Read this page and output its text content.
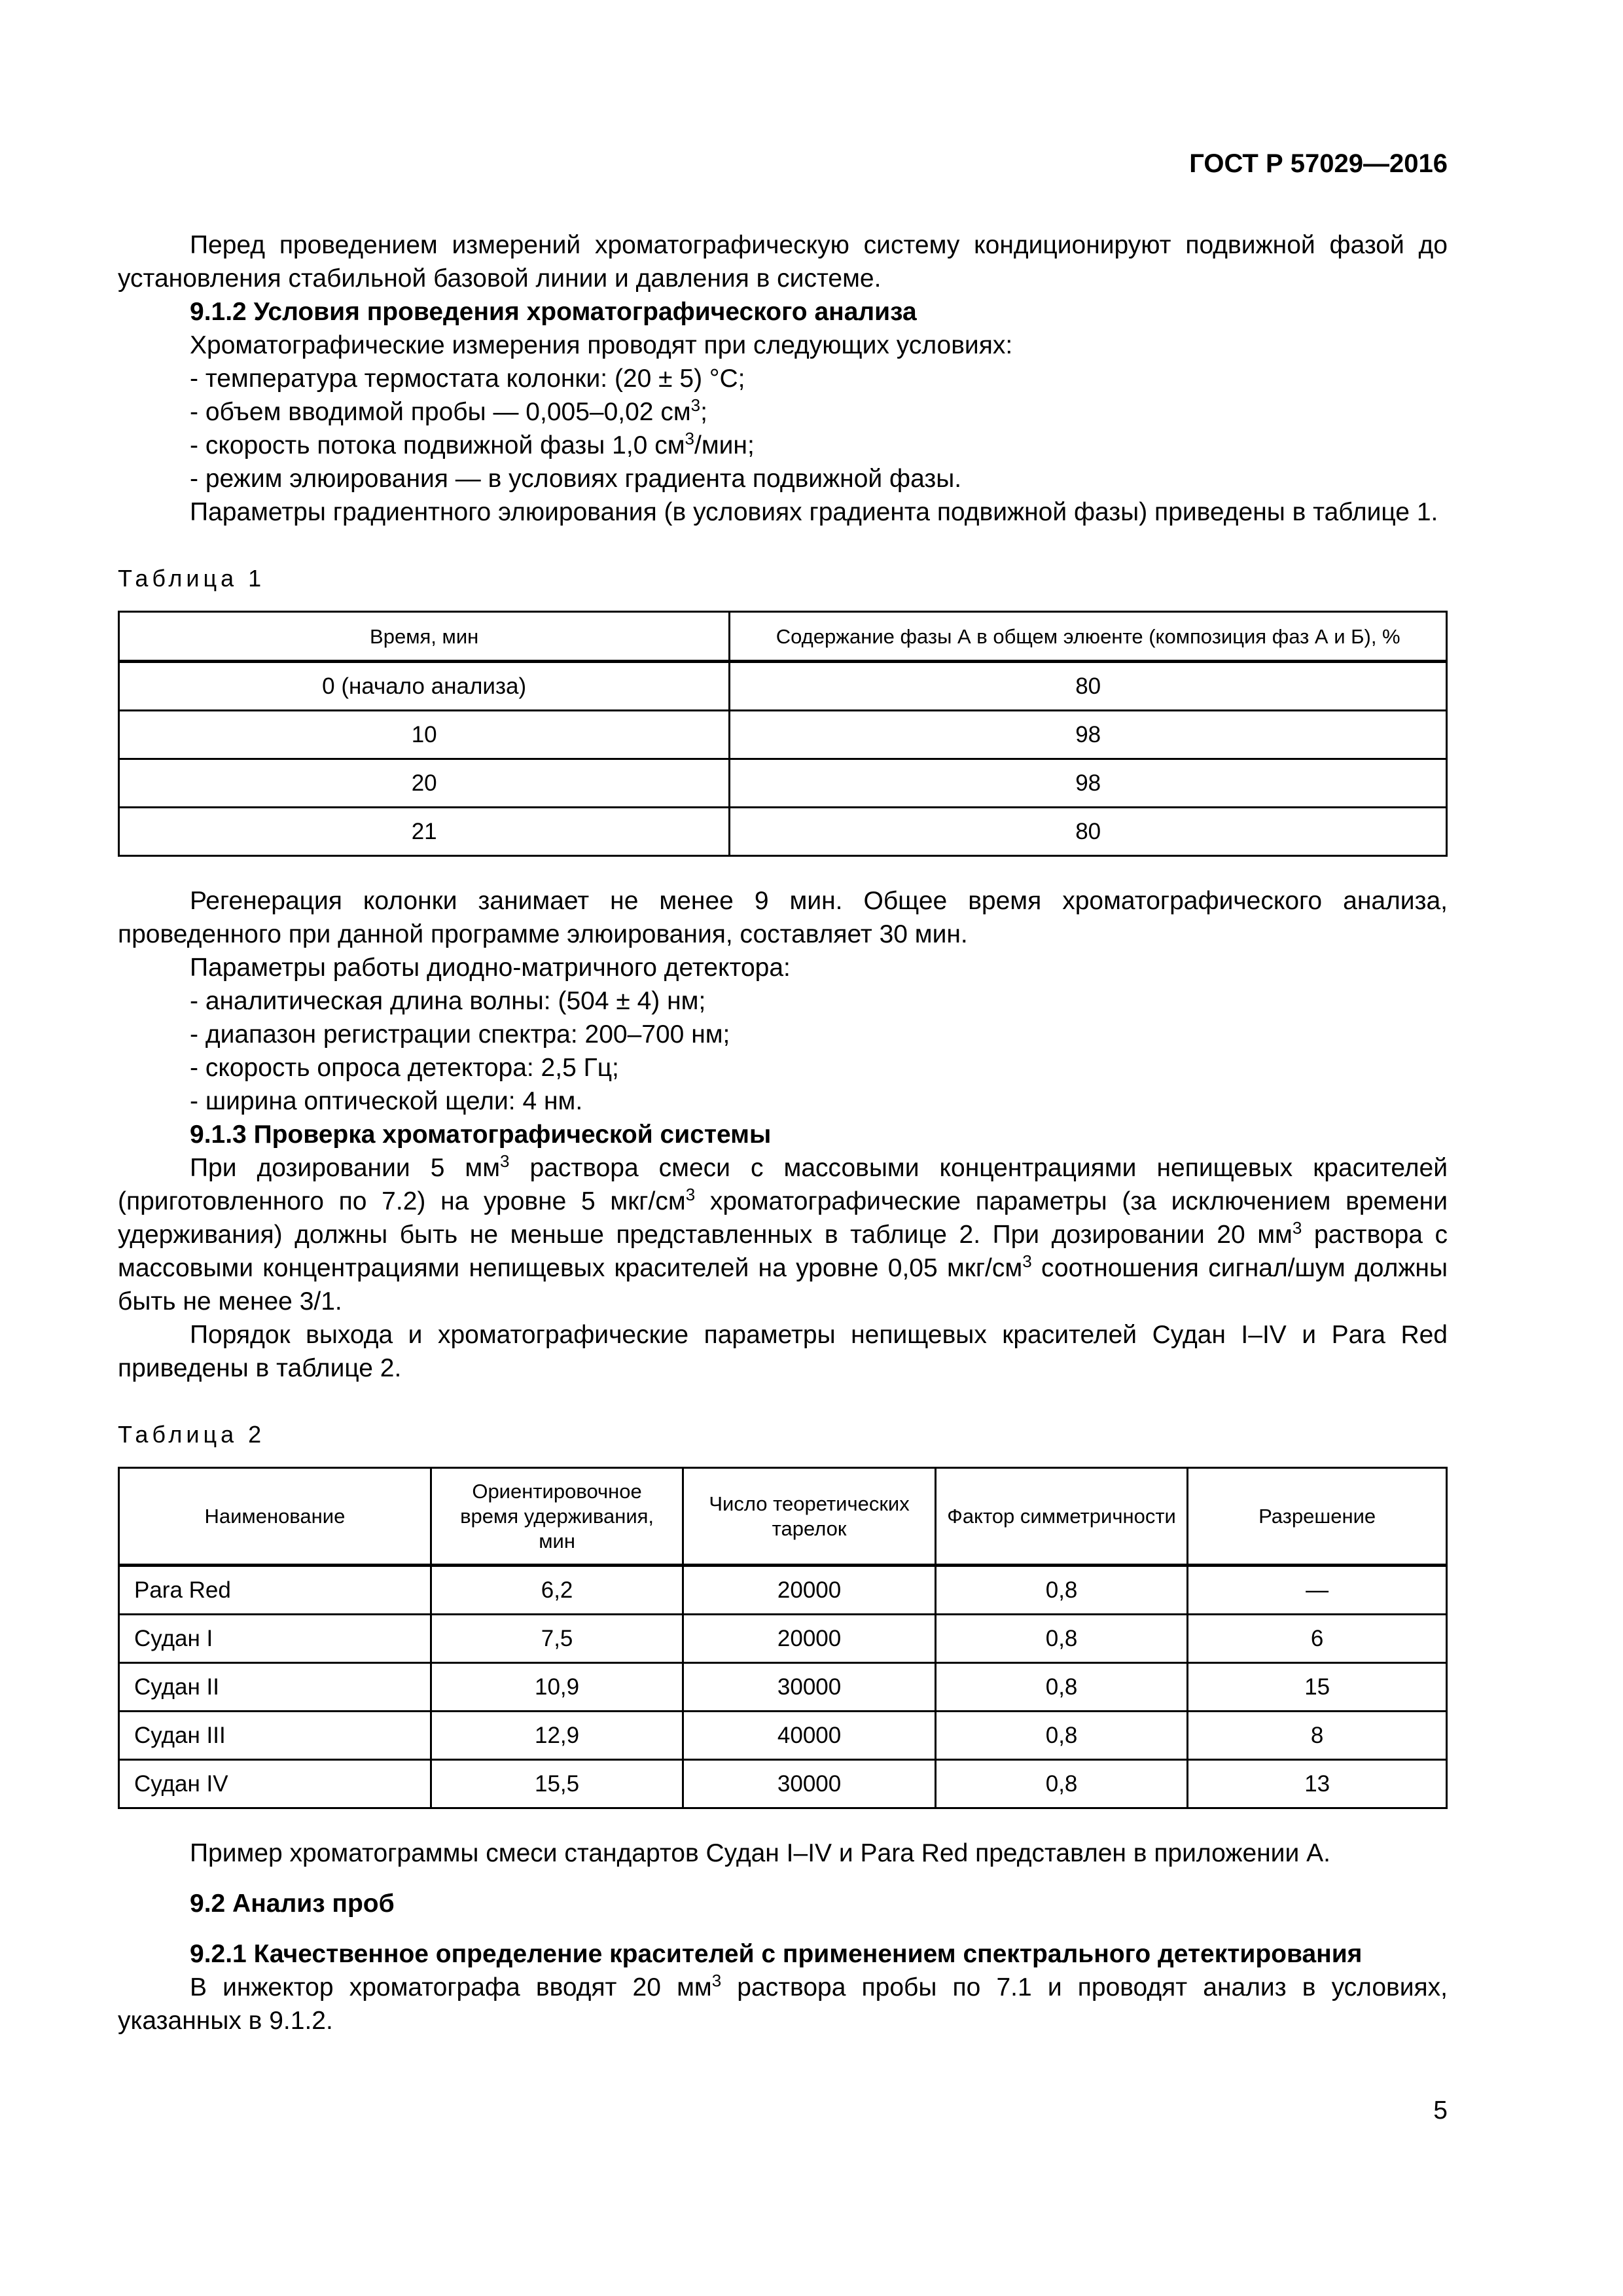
ГОСТ Р 57029—2016

Перед проведением измерений хроматографическую систему кондиционируют подвижной фазой до установления стабильной базовой линии и давления в системе.

9.1.2 Условия проведения хроматографического анализа

Хроматографические измерения проводят при следующих условиях:

- температура термостата колонки: (20 ± 5) °С;

- объем вводимой пробы — 0,005–0,02 $см^3$;

- скорость потока подвижной фазы 1,0 $см^3$/мин;

- режим элюирования — в условиях градиента подвижной фазы.

Параметры градиентного элюирования (в условиях градиента подвижной фазы) приведены в таблице 1.

Таблица 1
Время, мин	Содержание фазы А в общем элюенте (композиция фаз А и Б), %
0 (начало анализа)	80
10	98
20	98
21	80

Регенерация колонки занимает не менее 9 мин. Общее время хроматографического анализа, проведенного при данной программе элюирования, составляет 30 мин.

Параметры работы диодно-матричного детектора:

- аналитическая длина волны: (504 ± 4) нм;

- диапазон регистрации спектра: 200–700 нм;

- скорость опроса детектора: 2,5 Гц;

- ширина оптической щели: 4 нм.

9.1.3 Проверка хроматографической системы

При дозировании 5 $мм^3$ раствора смеси с массовыми концентрациями непищевых красителей (приготовленного по 7.2) на уровне 5 мкг/$см^3$ хроматографические параметры (за исключением времени удерживания) должны быть не меньше представленных в таблице 2. При дозировании 20 $мм^3$ раствора с массовыми концентрациями непищевых красителей на уровне 0,05 мкг/$см^3$ соотношения сигнал/шум должны быть не менее 3/1.

Порядок выхода и хроматографические параметры непищевых красителей Судан I–IV и Para Red приведены в таблице 2.

Таблица 2
Наименование	Ориентировочное время удерживания, мин	Число теоретических тарелок	Фактор симметричности	Разрешение
Para Red	6,2	20000	0,8	—
Судан I	7,5	20000	0,8	6
Судан II	10,9	30000	0,8	15
Судан III	12,9	40000	0,8	8
Судан IV	15,5	30000	0,8	13

Пример хроматограммы смеси стандартов Судан I–IV и Para Red представлен в приложении А.

9.2 Анализ проб

9.2.1 Качественное определение красителей с применением спектрального детектирования

В инжектор хроматографа вводят 20 $мм^3$ раствора пробы по 7.1 и проводят анализ в условиях, указанных в 9.1.2.

5
